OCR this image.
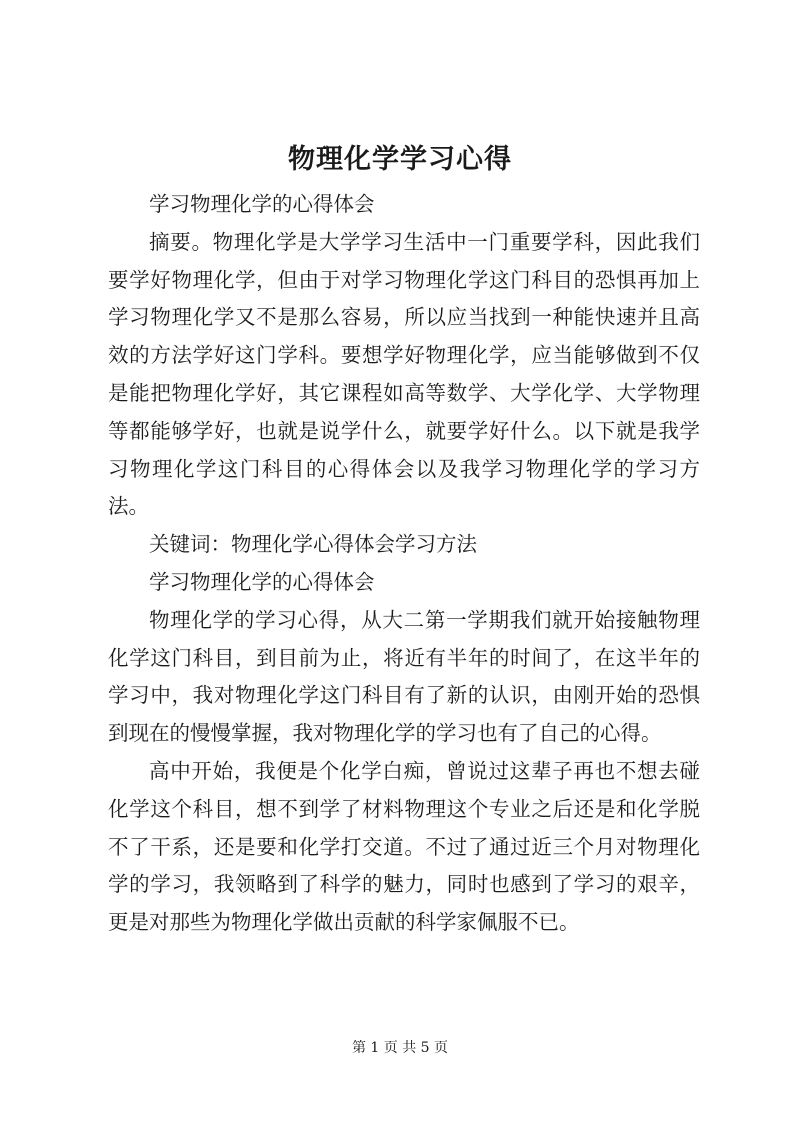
物理化学学习心得

学习物理化学的心得体会

摘要。物理化学是大学学习生活中一门重要学科，因此我们要学好物理化学，但由于对学习物理化学这门科目的恐惧再加上学习物理化学又不是那么容易，所以应当找到一种能快速并且高效的方法学好这门学科。要想学好物理化学，应当能够做到不仅是能把物理化学好，其它课程如高等数学、大学化学、大学物理等都能够学好，也就是说学什么，就要学好什么。以下就是我学习物理化学这门科目的心得体会以及我学习物理化学的学习方法。

关键词：物理化学心得体会学习方法

学习物理化学的心得体会

物理化学的学习心得，从大二第一学期我们就开始接触物理化学这门科目，到目前为止，将近有半年的时间了，在这半年的学习中，我对物理化学这门科目有了新的认识，由刚开始的恐惧到现在的慢慢掌握，我对物理化学的学习也有了自己的心得。

高中开始，我便是个化学白痴，曾说过这辈子再也不想去碰化学这个科目，想不到学了材料物理这个专业之后还是和化学脱不了干系，还是要和化学打交道。不过了通过近三个月对物理化学的学习，我领略到了科学的魅力，同时也感到了学习的艰辛，更是对那些为物理化学做出贡献的科学家佩服不已。

第 1 页 共 5 页
